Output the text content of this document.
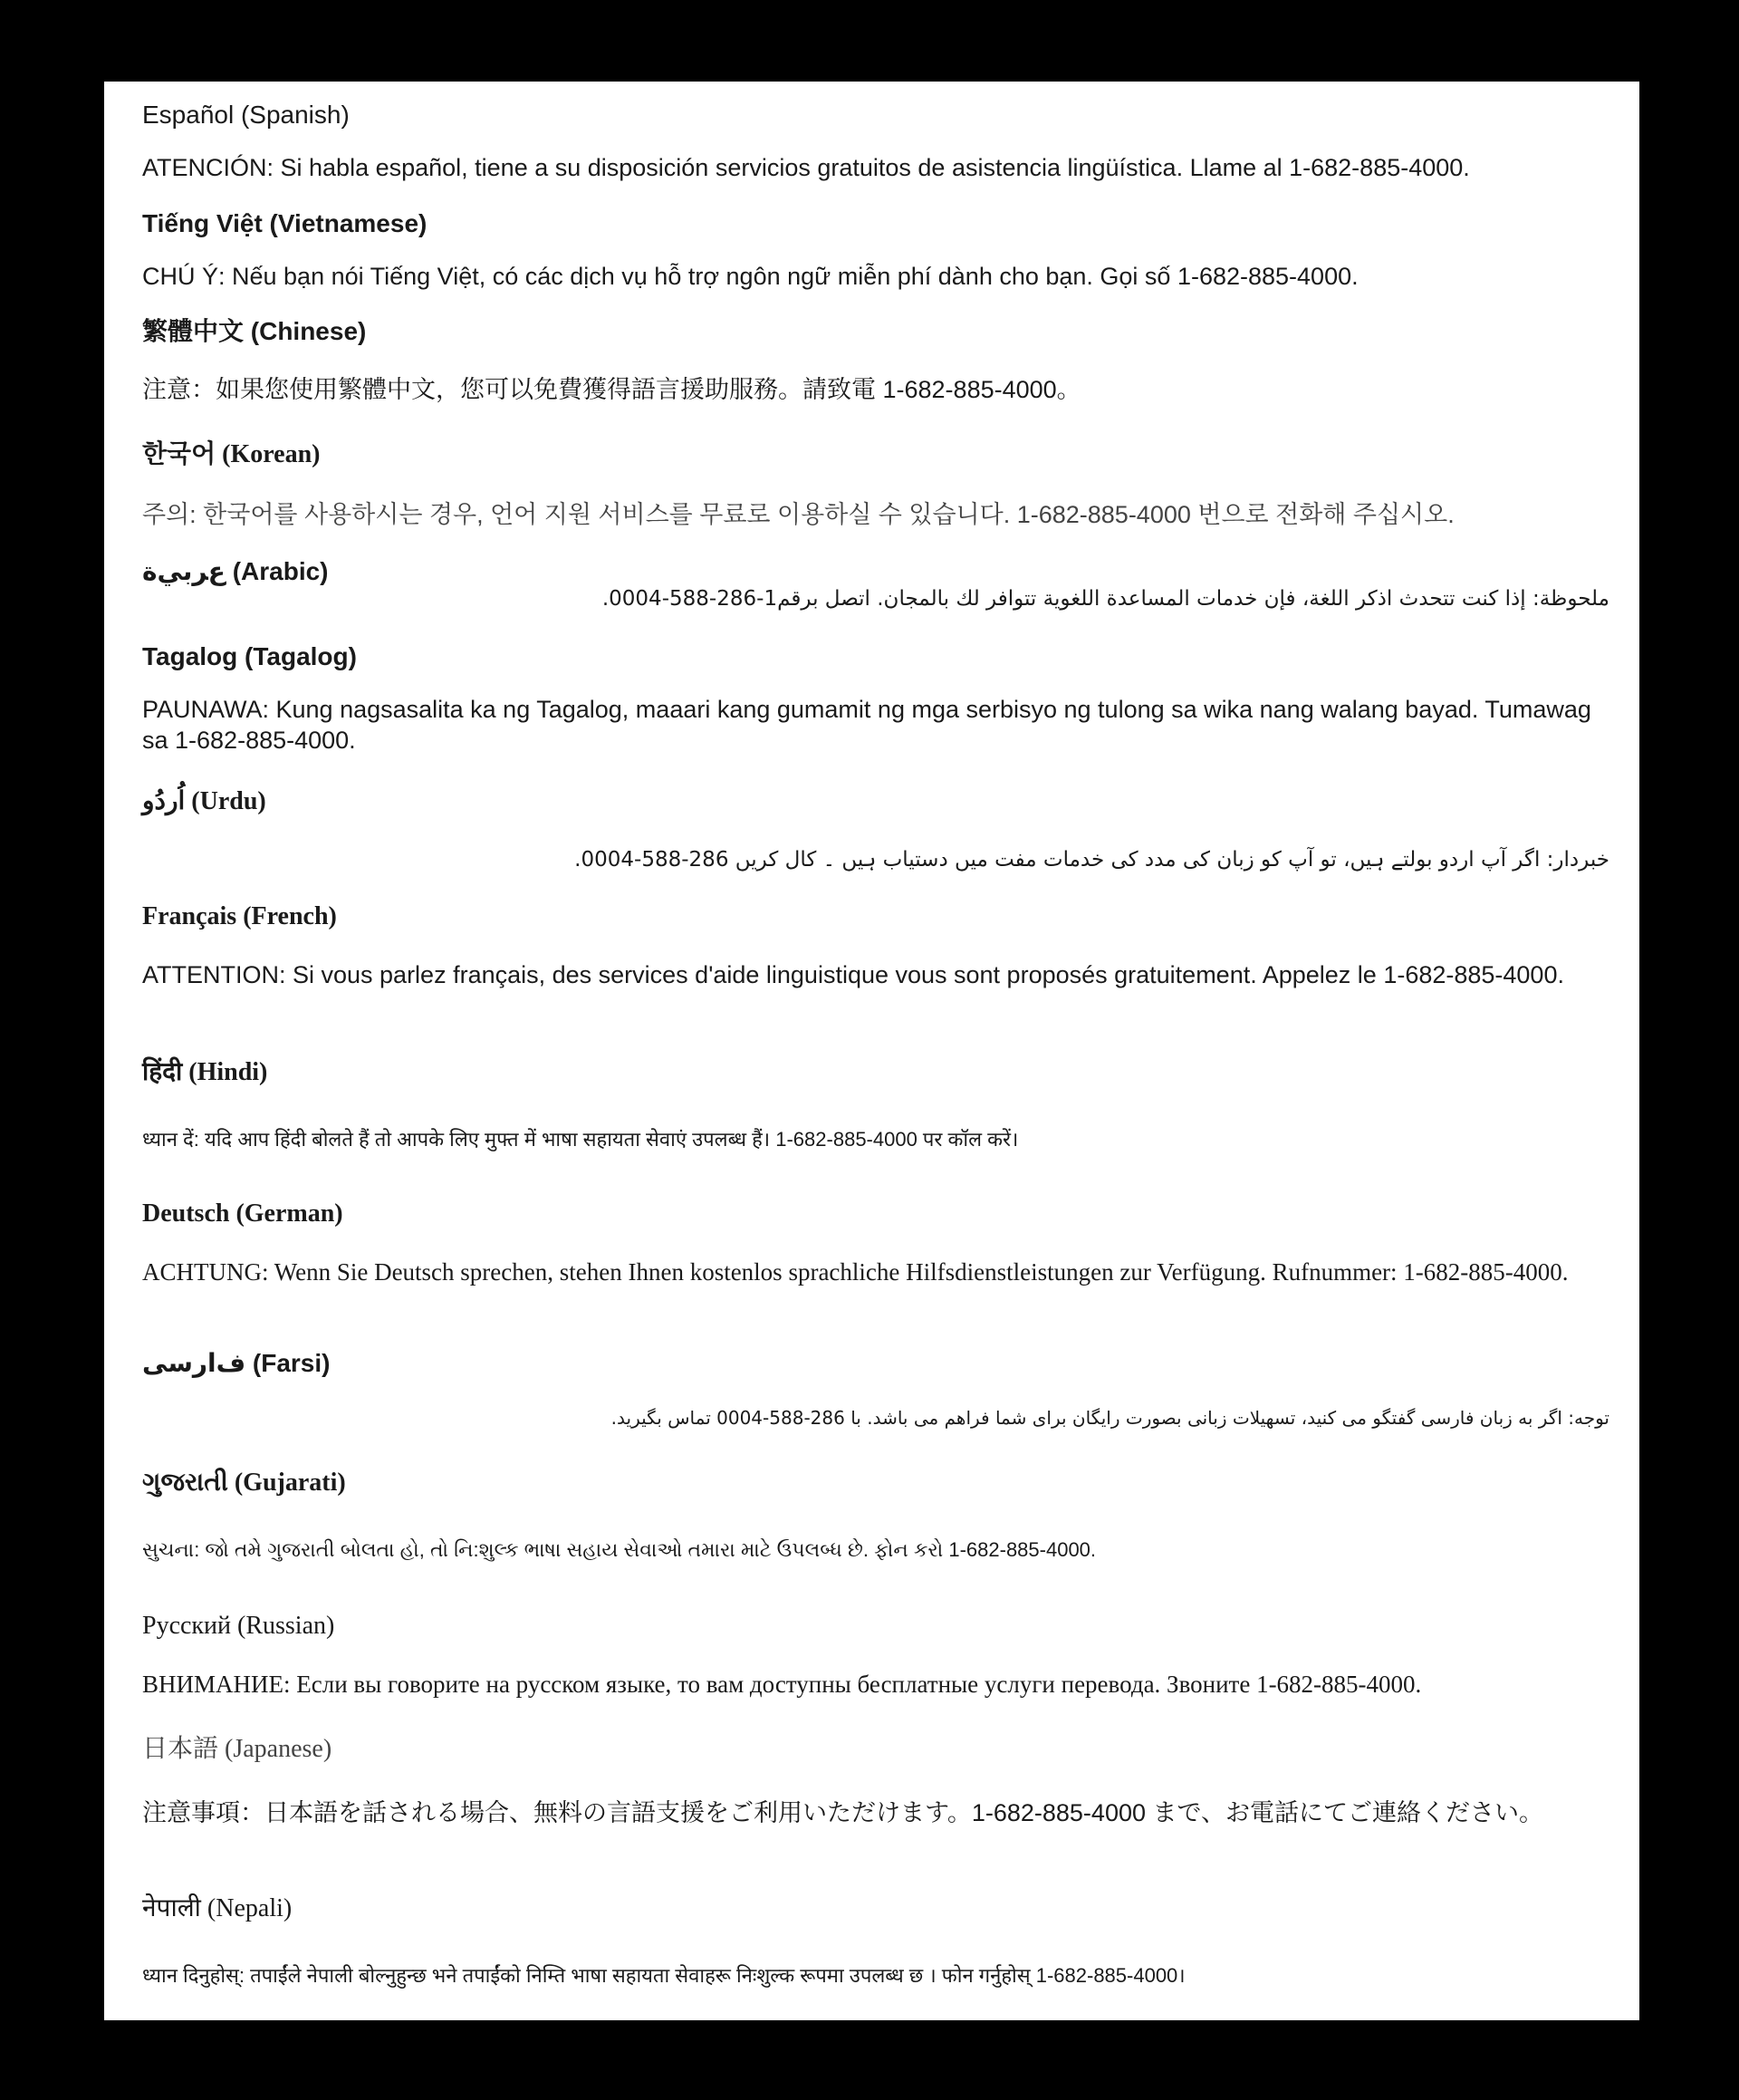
Español (Spanish)

ATENCIÓN: Si habla español, tiene a su disposición servicios gratuitos de asistencia lingüística. Llame al 1-682-885-4000.

Tiếng Việt (Vietnamese)

CHÚ Ý: Nếu bạn nói Tiếng Việt, có các dịch vụ hỗ trợ ngôn ngữ miễn phí dành cho bạn. Gọi số 1-682-885-4000.

繁體中文 (Chinese)

注意：如果您使用繁體中文，您可以免費獲得語言援助服務。請致電 1-682-885-4000。

한국어 (Korean)

주의: 한국어를 사용하시는 경우, 언어 지원 서비스를 무료로 이용하실 수 있습니다. 1-682-885-4000 번으로 전화해 주십시오.

ﻉﺮﺑﻲﺓ (Arabic)

ملحوظة: إذا كنت تتحدث اذكر اللغة، فإن خدمات المساعدة اللغوية تتوافر لك بالمجان. اتصل برقم1-286-588-0004.

Tagalog (Tagalog)

PAUNAWA: Kung nagsasalita ka ng Tagalog, maaari kang gumamit ng mga serbisyo ng tulong sa wika nang walang bayad. Tumawag sa 1-682-885-4000.

اُردُو (Urdu)

خبردار: اگر آپ اردو بولتے ہیں، تو آپ کو زبان کی مدد کی خدمات مفت میں دستیاب ہیں ۔ کال کریں 286-588-0004.

Français (French)

ATTENTION: Si vous parlez français, des services d'aide linguistique vous sont proposés gratuitement. Appelez le 1-682-885-4000.

हिंदी (Hindi)

ध्यान दें: यदि आप हिंदी बोलते हैं तो आपके लिए मुफ्त में भाषा सहायता सेवाएं उपलब्ध हैं। 1-682-885-4000 पर कॉल करें।

Deutsch (German)

ACHTUNG: Wenn Sie Deutsch sprechen, stehen Ihnen kostenlos sprachliche Hilfsdienstleistungen zur Verfügung. Rufnummer: 1-682-885-4000.

ﻑﺍﺭﺳﻰ (Farsi)

توجه: اگر به زبان فارسی گفتگو می کنید، تسهیلات زبانی بصورت رایگان برای شما فراهم می باشد. با 286-588-0004 تماس بگیرید.

ગુજરાતી (Gujarati)

સુચના: જો તમે ગુજરાતી બોલતા હો, તો નિ:શુલ્ક ભાષા સહાય સેવાઓ તમારા માટે ઉપલબ્ધ છે. ફોન કરો 1-682-885-4000.

Русский (Russian)

ВНИМАНИЕ: Если вы говорите на русском языке, то вам доступны бесплатные услуги перевода. Звоните 1-682-885-4000.

日本語 (Japanese)

注意事項：日本語を話される場合、無料の言語支援をご利用いただけます。1-682-885-4000 まで、お電話にてご連絡ください。

नेपाली (Nepali)

ध्यान दिनुहोस्: तपाईंले नेपाली बोल्नुहुन्छ भने तपाईंको निम्ति भाषा सहायता सेवाहरू निःशुल्क रूपमा उपलब्ध छ । फोन गर्नुहोस् 1-682-885-4000।
